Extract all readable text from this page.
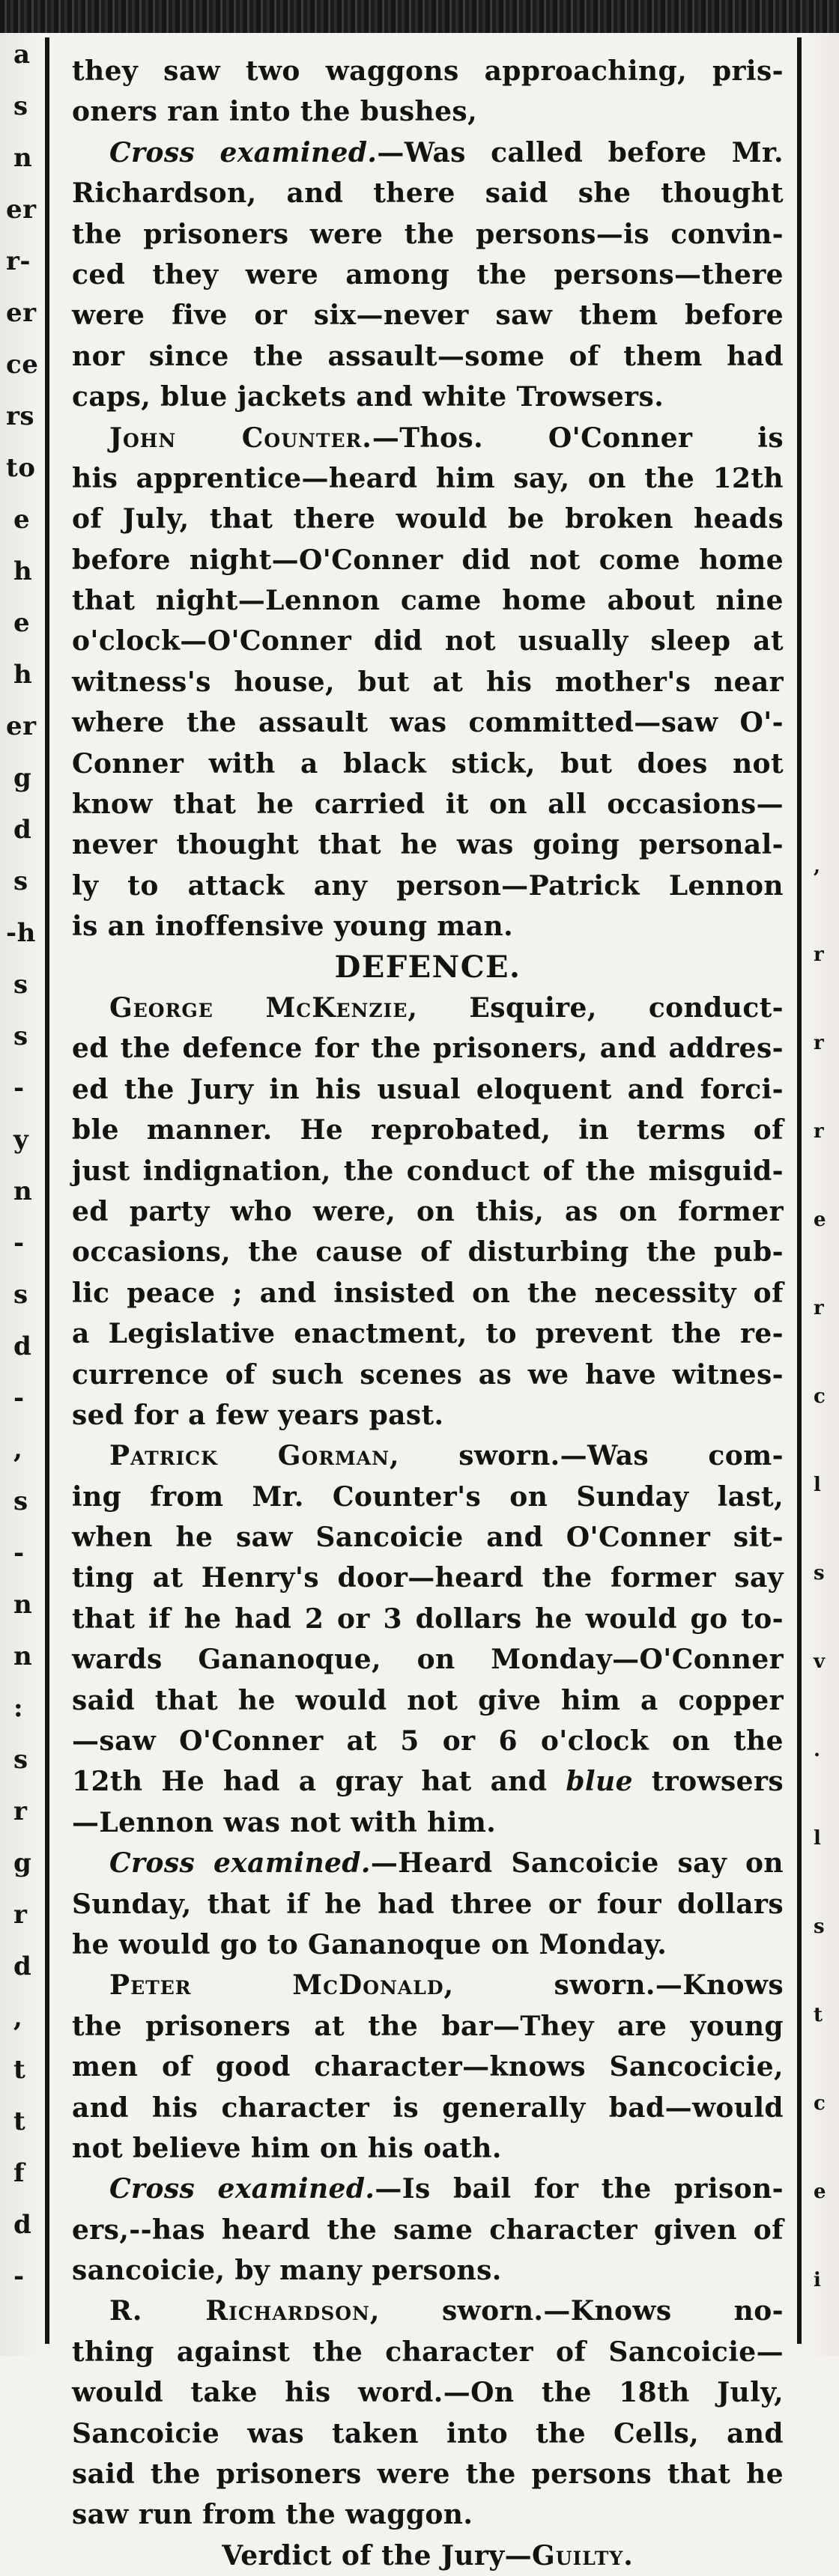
a
s
n
er
r-
er
ce
rs
to
e
h
e
h
er
g
d
s
-h
s
s
-
y
n
-
s
d
-
,
s
-
n
n
:
s
r
g
r
d
,
t
t
f
d
-
they saw two waggons approaching, pris-
oners ran into the bushes,
Cross examined.—Was called before Mr.
Richardson, and there said she thought
the prisoners were the persons—is convin-
ced they were among the persons—there
were five or six—never saw them before
nor since the assault—some of them had
caps, blue jackets and white Trowsers.
John Counter.—Thos. O'Conner is
his apprentice—heard him say, on the 12th
of July, that there would be broken heads
before night—O'Conner did not come home
that night—Lennon came home about nine
o'clock—O'Conner did not usually sleep at
witness's house, but at his mother's near
where the assault was committed—saw O'-
Conner with a black stick, but does not
know that he carried it on all occasions—
never thought that he was going personal-
ly to attack any person—Patrick Lennon
is an inoffensive young man.
DEFENCE.
George McKenzie, Esquire, conduct-
ed the defence for the prisoners, and addres-
ed the Jury in his usual eloquent and forci-
ble manner. He reprobated, in terms of
just indignation, the conduct of the misguid-
ed party who were, on this, as on former
occasions, the cause of disturbing the pub-
lic peace ; and insisted on the necessity of
a Legislative enactment, to prevent the re-
currence of such scenes as we have witnes-
sed for a few years past.
Patrick Gorman, sworn.—Was com-
ing from Mr. Counter's on Sunday last,
when he saw Sancoicie and O'Conner sit-
ting at Henry's door—heard the former say
that if he had 2 or 3 dollars he would go to-
wards Gananoque, on Monday—O'Conner
said that he would not give him a copper
—saw O'Conner at 5 or 6 o'clock on the
12th He had a gray hat and blue trowsers
—Lennon was not with him.
Cross examined.—Heard Sancoicie say on
Sunday, that if he had three or four dollars
he would go to Gananoque on Monday.
Peter McDonald, sworn.—Knows
the prisoners at the bar—They are young
men of good character—knows Sancocicie,
and his character is generally bad—would
not believe him on his oath.
Cross examined.—Is bail for the prison-
ers,--has heard the same character given of
sancoicie, by many persons.
R. Richardson, sworn.—Knows no-
thing against the character of Sancoicie—
would take his word.—On the 18th July,
Sancoicie was taken into the Cells, and
said the prisoners were the persons that he
saw run from the waggon.
Verdict of the Jury—Guilty.
,
r
r
r
e
r
c
l
s
v
.
l
s
t
c
e
i
